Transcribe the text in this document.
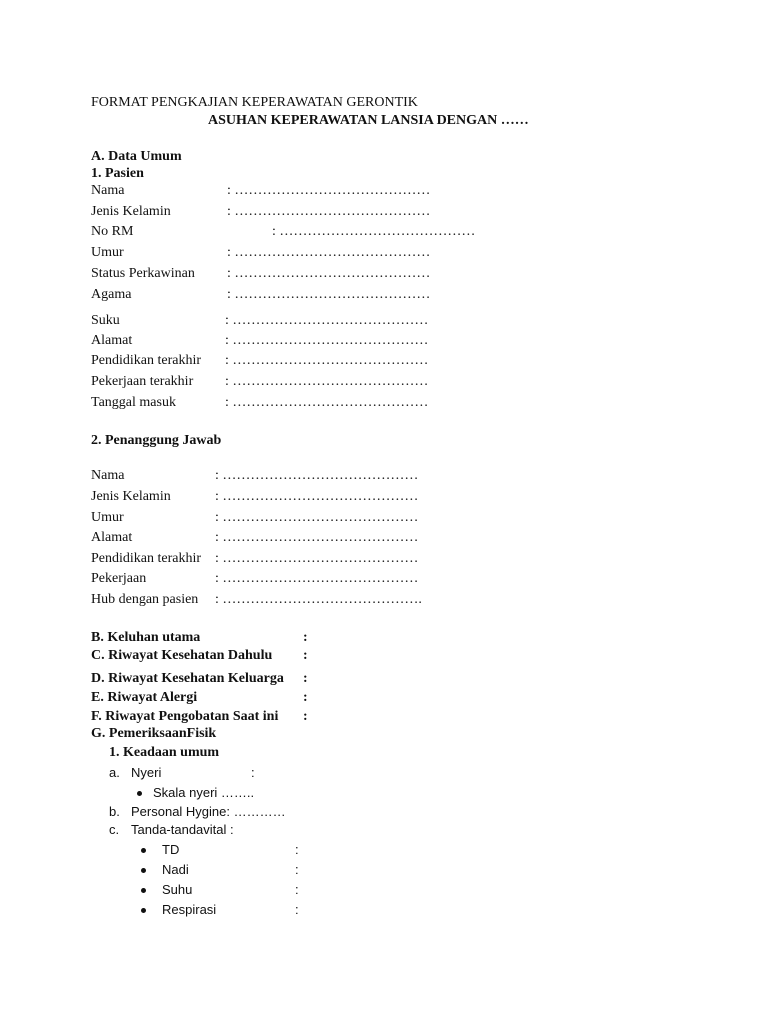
FORMAT PENGKAJIAN KEPERAWATAN GERONTIK
ASUHAN KEPERAWATAN LANSIA DENGAN ……
A. Data Umum
1. Pasien
Nama	: ……………………………………
Jenis Kelamin	: ……………………………………
No RM	: ……………………………………
Umur	: ……………………………………
Status Perkawinan : ……………………………………
Agama	: ……………………………………
Suku	: ……………………………………
Alamat	: ……………………………………
Pendidikan terakhir : ……………………………………
Pekerjaan terakhir : ……………………………………
Tanggal masuk	: ……………………………………
2. Penanggung Jawab
Nama	: ……………………………………
Jenis Kelamin	: ……………………………………
Umur	: ……………………………………
Alamat	: ……………………………………
Pendidikan terakhir : ……………………………………
Pekerjaan	: ……………………………………
Hub dengan pasien : …………………………………….
B. Keluhan utama	:
C. Riwayat Kesehatan Dahulu :
D. Riwayat Kesehatan Keluarga :
E. Riwayat Alergi	:
F. Riwayat Pengobatan Saat ini :
G. PemeriksaanFisik
1. Keadaan umum
a. Nyeri	:
Skala nyeri ……..
b. Personal Hygine: …………
c. Tanda-tandavital :
TD	:
Nadi	:
Suhu	:
Respirasi	:
